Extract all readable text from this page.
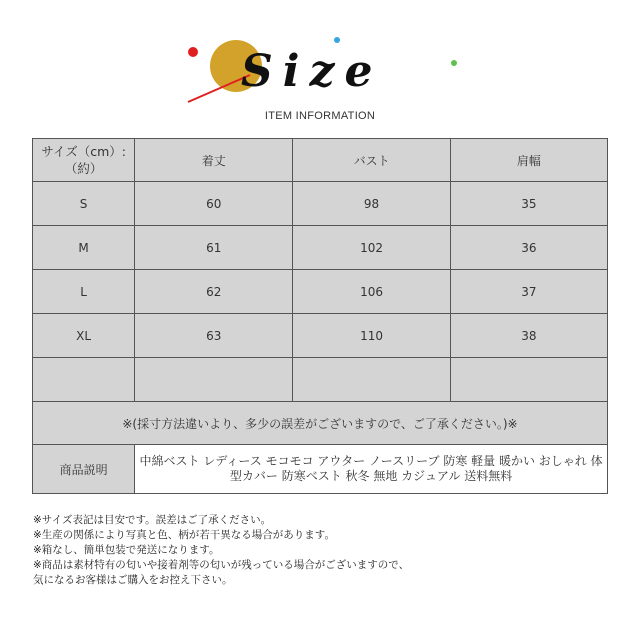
Size
ITEM INFORMATION
サイズ（cm）:
（約）	着丈	バスト	肩幅
S	60	98	35
M	61	102	36
L	62	106	37
XL	63	110	38

※(採寸方法違いより、多少の誤差がございますので、ご了承ください。)※			
商品説明	中綿ベスト レディース モコモコ アウター ノースリーブ 防寒 軽量 暖かい おしゃれ 体型カバー 防寒ベスト 秋冬 無地 カジュアル 送料無料		
※サイズ表記は目安です。誤差はご了承ください。
※生産の関係により写真と色、柄が若干異なる場合があります。
※箱なし、簡単包装で発送になります。
※商品は素材特有の匂いや接着剤等の匂いが残っている場合がございますので、
気になるお客様はご購入をお控え下さい。
